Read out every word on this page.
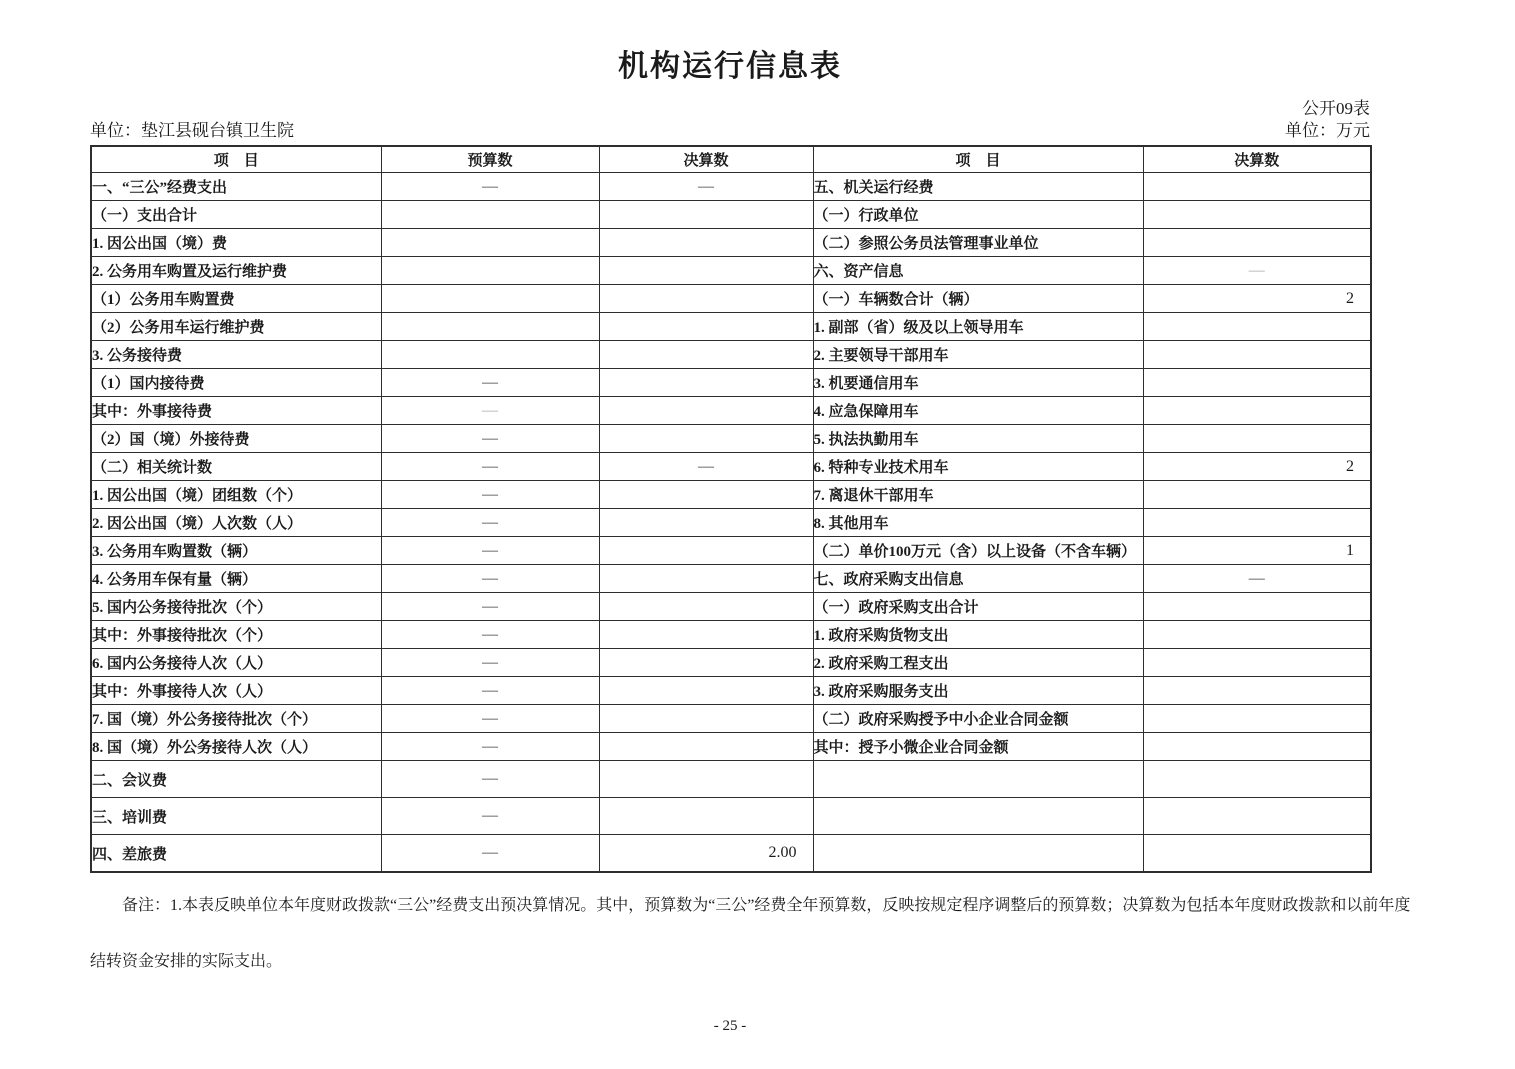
机构运行信息表
公开09表
单位：垫江县砚台镇卫生院	单位：万元
项　目	预算数	决算数	项　目	决算数
一、“三公”经费支出	—	—	五、机关运行经费	
（一）支出合计			（一）行政单位	
1. 因公出国（境）费			（二）参照公务员法管理事业单位	
2. 公务用车购置及运行维护费			六、资产信息	—
（1）公务用车购置费			（一）车辆数合计（辆）	2
（2）公务用车运行维护费			1. 副部（省）级及以上领导用车	
3. 公务接待费			2. 主要领导干部用车	
（1）国内接待费	—		3. 机要通信用车	
其中：外事接待费	—		4. 应急保障用车	
（2）国（境）外接待费	—		5. 执法执勤用车	
（二）相关统计数	—	—	6. 特种专业技术用车	2
1. 因公出国（境）团组数（个）	—		7. 离退休干部用车	
2. 因公出国（境）人次数（人）	—		8. 其他用车	
3. 公务用车购置数（辆）	—		（二）单价100万元（含）以上设备（不含车辆）	1
4. 公务用车保有量（辆）	—		七、政府采购支出信息	—
5. 国内公务接待批次（个）	—		（一）政府采购支出合计	
其中：外事接待批次（个）	—		1. 政府采购货物支出	
6. 国内公务接待人次（人）	—		2. 政府采购工程支出	
其中：外事接待人次（人）	—		3. 政府采购服务支出	
7. 国（境）外公务接待批次（个）	—		（二）政府采购授予中小企业合同金额	
8. 国（境）外公务接待人次（人）	—		其中：授予小微企业合同金额	
二、会议费	—			
三、培训费	—			
四、差旅费	—	2.00		

备注：1.本表反映单位本年度财政拨款“三公”经费支出预决算情况。其中，预算数为“三公”经费全年预算数，反映按规定程序调整后的预算数；决算数为包括本年度财政拨款和以前年度

结转资金安排的实际支出。

- 25 -
